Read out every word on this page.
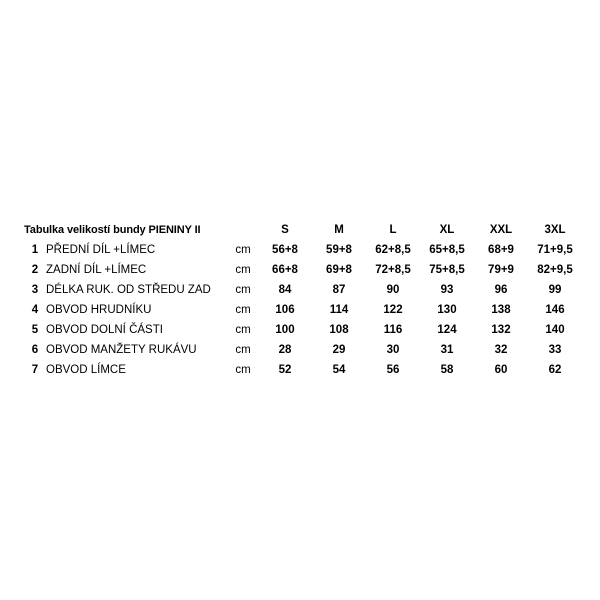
Tabulka velikostí bundy PIENINY II			S	M	L	XL	XXL	3XL
1	PŘEDNÍ DÍL +LÍMEC	cm	56+8	59+8	62+8,5	65+8,5	68+9	71+9,5
2	ZADNÍ DÍL +LÍMEC	cm	66+8	69+8	72+8,5	75+8,5	79+9	82+9,5
3	DÉLKA RUK. OD STŘEDU ZAD	cm	84	87	90	93	96	99
4	OBVOD HRUDNÍKU	cm	106	114	122	130	138	146
5	OBVOD DOLNÍ ČÁSTI	cm	100	108	116	124	132	140
6	OBVOD MANŽETY RUKÁVU	cm	28	29	30	31	32	33
7	OBVOD LÍMCE	cm	52	54	56	58	60	62
